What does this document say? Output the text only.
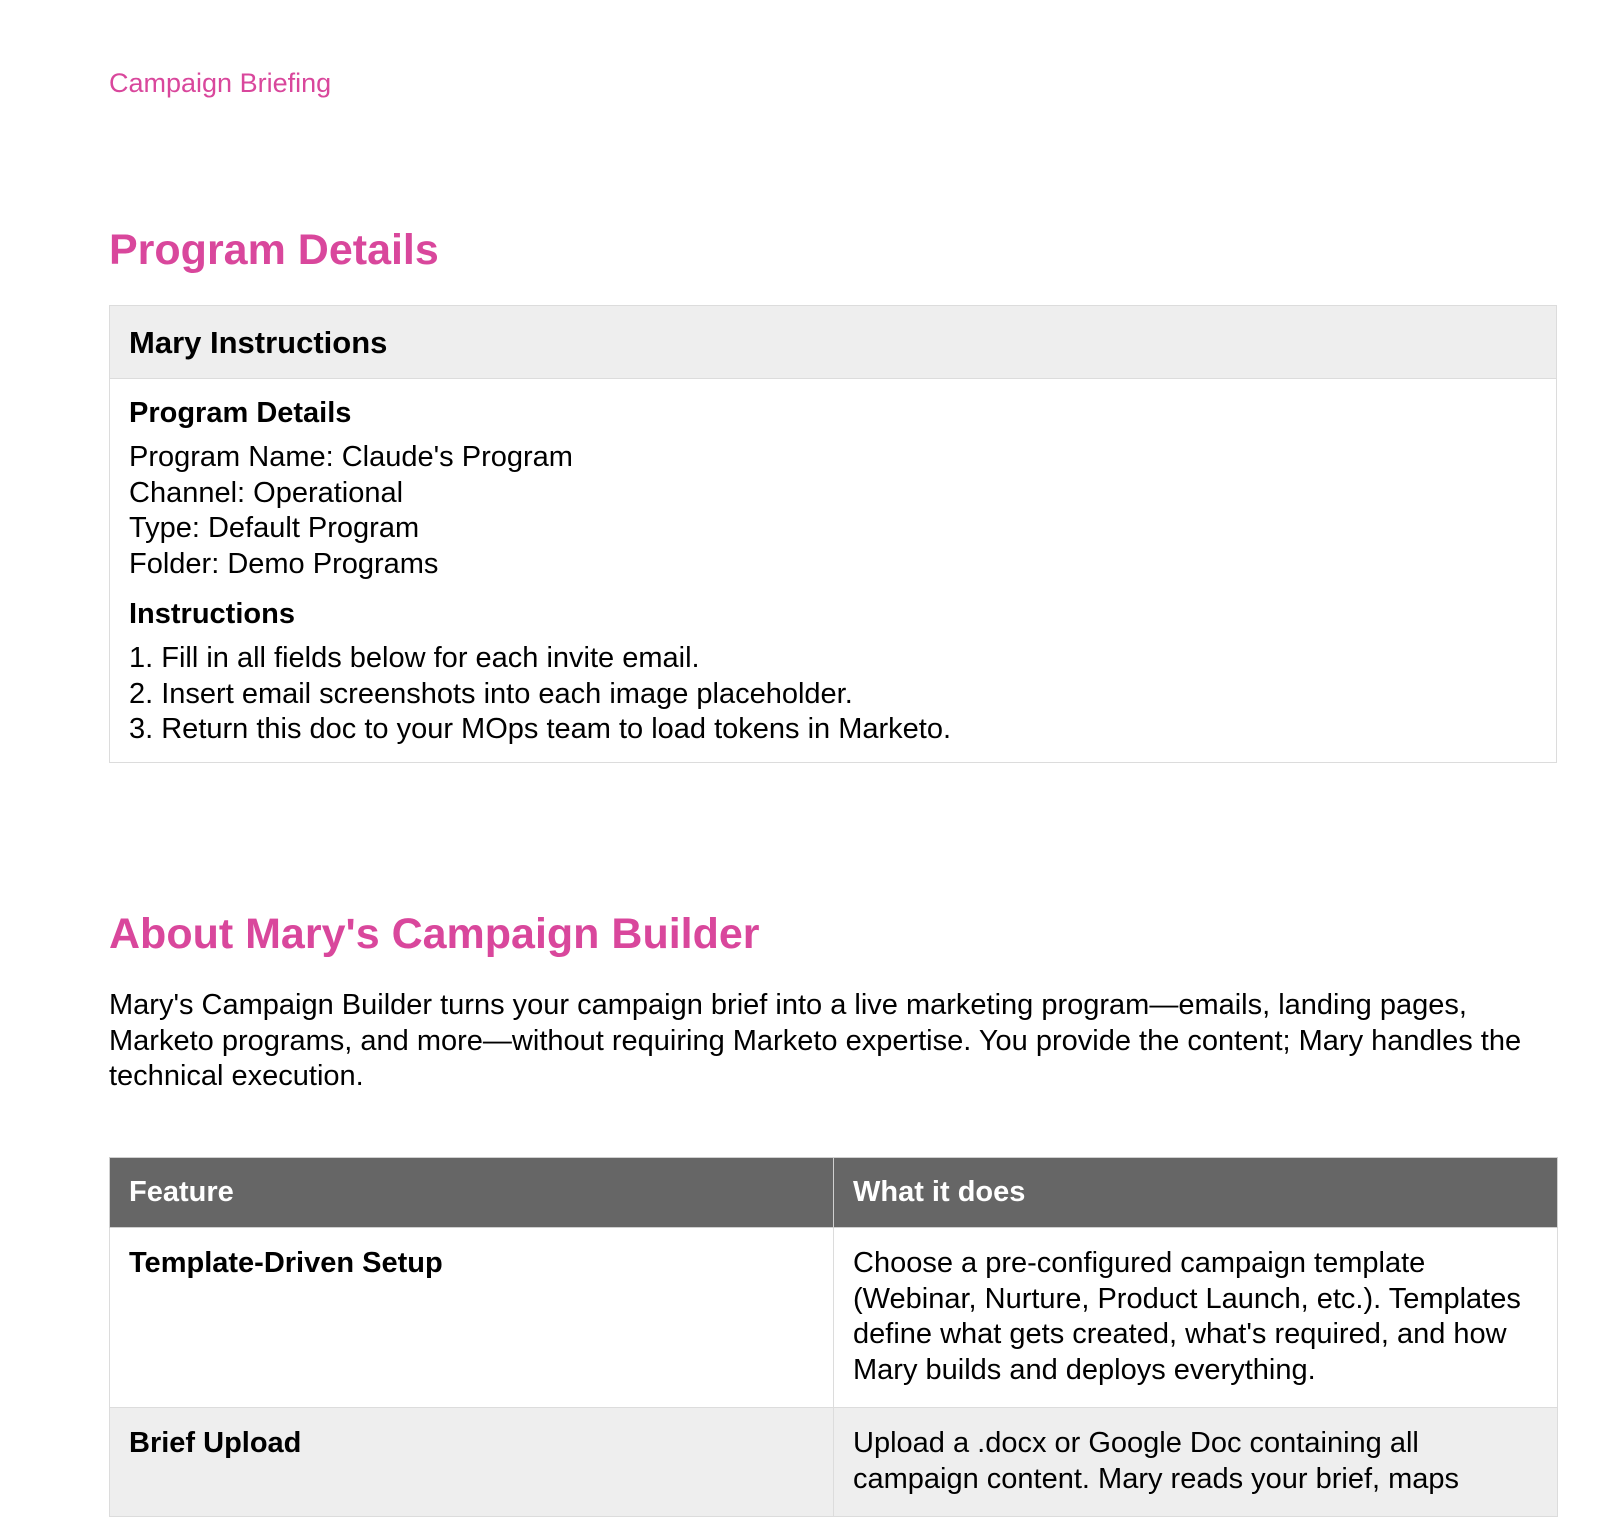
Campaign Briefing
Program Details
Mary Instructions
Program Details

Program Name: Claude's Program

Channel: Operational

Type: Default Program

Folder: Demo Programs

Instructions

1. Fill in all fields below for each invite email.

2. Insert email screenshots into each image placeholder.

3. Return this doc to your MOps team to load tokens in Marketo.

About Mary's Campaign Builder

Mary's Campaign Builder turns your campaign brief into a live marketing program—emails, landing pages, Marketo programs, and more—without requiring Marketo expertise. You provide the content; Mary handles the technical execution.

Feature	What it does
Template-Driven Setup	Choose a pre-configured campaign template (Webinar, Nurture, Product Launch, etc.). Templates define what gets created, what's required, and how Mary builds and deploys everything.
Brief Upload	Upload a .docx or Google Doc containing all campaign content. Mary reads your brief, maps
